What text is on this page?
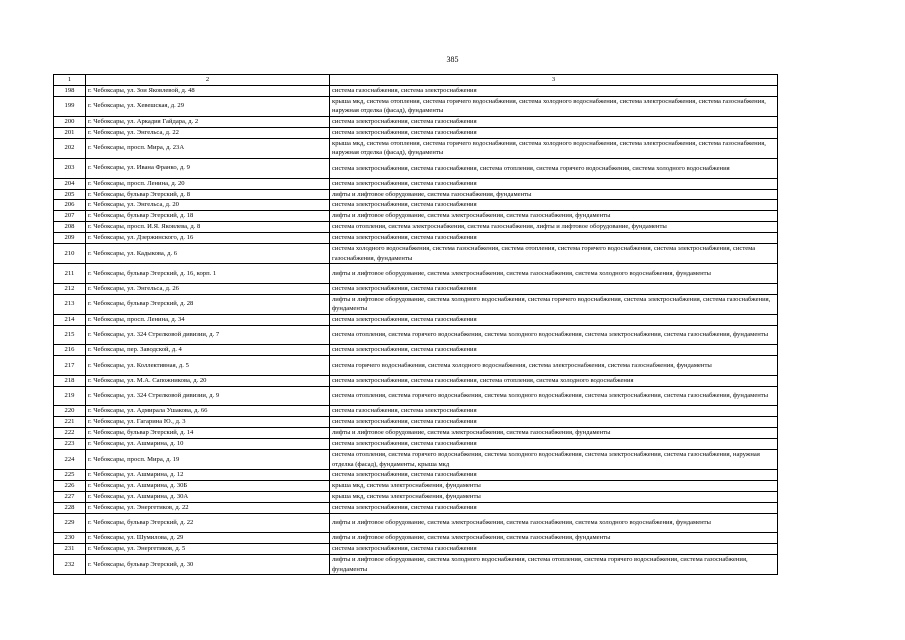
385
1	2	3
198	г. Чебоксары, ул. Зои Яковлевой, д. 48	система газоснабжения, система электроснабжения
199	г. Чебоксары, ул. Хевешская, д. 29	крыша мкд, система отопления, система горячего водоснабжения, система холодного водоснабжения, система электроснабжения, система газоснабжения, наружная отделка (фасад), фундаменты
200	г. Чебоксары, ул. Аркадия Гайдара, д. 2	система электроснабжения, система газоснабжения
201	г. Чебоксары, ул. Энгельса, д. 22	система электроснабжения, система газоснабжения
202	г. Чебоксары, просп. Мира, д. 23А	крыша мкд, система отопления, система горячего водоснабжения, система холодного водоснабжения, система электроснабжения, система газоснабжения, наружная отделка (фасад), фундаменты
203	г. Чебоксары, ул. Ивана Франко, д. 9	система электроснабжения, система газоснабжения, система отопления, система горячего водоснабжения, система холодного водоснабжения
204	г. Чебоксары, просп. Ленина, д. 20	система электроснабжения, система газоснабжения
205	г. Чебоксары, бульвар Эгерский, д. 8	лифты и лифтовое оборудование, система газоснабжения, фундаменты
206	г. Чебоксары, ул. Энгельса, д. 20	система электроснабжения, система газоснабжения
207	г. Чебоксары, бульвар Эгерский, д. 18	лифты и лифтовое оборудование, система электроснабжения, система газоснабжения, фундаменты
208	г. Чебоксары, просп. И.Я. Яковлева, д. 8	система отопления, система электроснабжения, система газоснабжения, лифты и лифтовое оборудование, фундаменты
209	г. Чебоксары, ул. Дзержинского, д. 16	система электроснабжения, система газоснабжения
210	г. Чебоксары, ул. Кадыкова, д. 6	система холодного водоснабжения, система газоснабжения, система отопления, система горячего водоснабжения, система электроснабжения, система газоснабжения, фундаменты
211	г. Чебоксары, бульвар Эгерский, д. 16, корп. 1	лифты и лифтовое оборудование, система электроснабжения, система газоснабжения, система холодного водоснабжения, фундаменты
212	г. Чебоксары, ул. Энгельса, д. 26	система электроснабжения, система газоснабжения
213	г. Чебоксары, бульвар Эгерский, д. 28	лифты и лифтовое оборудование, система холодного водоснабжения, система горячего водоснабжения, система электроснабжения, система газоснабжения, фундаменты
214	г. Чебоксары, просп. Ленина, д. 34	система электроснабжения, система газоснабжения
215	г. Чебоксары, ул. 324 Стрелковой дивизии, д. 7	система отопления, система горячего водоснабжения, система холодного водоснабжения, система электроснабжения, система газоснабжения, фундаменты
216	г. Чебоксары, пер. Заводской, д. 4	система электроснабжения, система газоснабжения
217	г. Чебоксары, ул. Коллективная, д. 5	система горячего водоснабжения, система холодного водоснабжения, система электроснабжения, система газоснабжения, фундаменты
218	г. Чебоксары, ул. М.А. Сапожникова, д. 20	система электроснабжения, система газоснабжения, система отопления, система холодного водоснабжения
219	г. Чебоксары, ул. 324 Стрелковой дивизии, д. 9	система отопления, система горячего водоснабжения, система холодного водоснабжения, система электроснабжения, система газоснабжения, фундаменты
220	г. Чебоксары, ул. Адмирала Ушакова, д. 66	система газоснабжения, система электроснабжения
221	г. Чебоксары, ул. Гагарина Ю., д. 3	система электроснабжения, система газоснабжения
222	г. Чебоксары, бульвар Эгерский, д. 14	лифты и лифтовое оборудование, система электроснабжения, система газоснабжения, фундаменты
223	г. Чебоксары, ул. Ашмарина, д. 10	система электроснабжения, система газоснабжения
224	г. Чебоксары, просп. Мира, д. 19	система отопления, система горячего водоснабжения, система холодного водоснабжения, система электроснабжения, система газоснабжения, наружная отделка (фасад), фундаменты, крыша мкд
225	г. Чебоксары, ул. Ашмарина, д. 12	система электроснабжения, система газоснабжения
226	г. Чебоксары, ул. Ашмарина, д. 30Б	крыша мкд, система электроснабжения, фундаменты
227	г. Чебоксары, ул. Ашмарина, д. 30А	крыша мкд, система электроснабжения, фундаменты
228	г. Чебоксары, ул. Энергетиков, д. 22	система электроснабжения, система газоснабжения
229	г. Чебоксары, бульвар Эгерский, д. 22	лифты и лифтовое оборудование, система электроснабжения, система газоснабжения, система холодного водоснабжения, фундаменты
230	г. Чебоксары, ул. Шумилова, д. 29	лифты и лифтовое оборудование, система электроснабжения, система газоснабжения, фундаменты
231	г. Чебоксары, ул. Энергетиков, д. 5	система электроснабжения, система газоснабжения
232	г. Чебоксары, бульвар Эгерский, д. 30	лифты и лифтовое оборудование, система холодного водоснабжения, система отопления, система горячего водоснабжения, система газоснабжения, фундаменты
